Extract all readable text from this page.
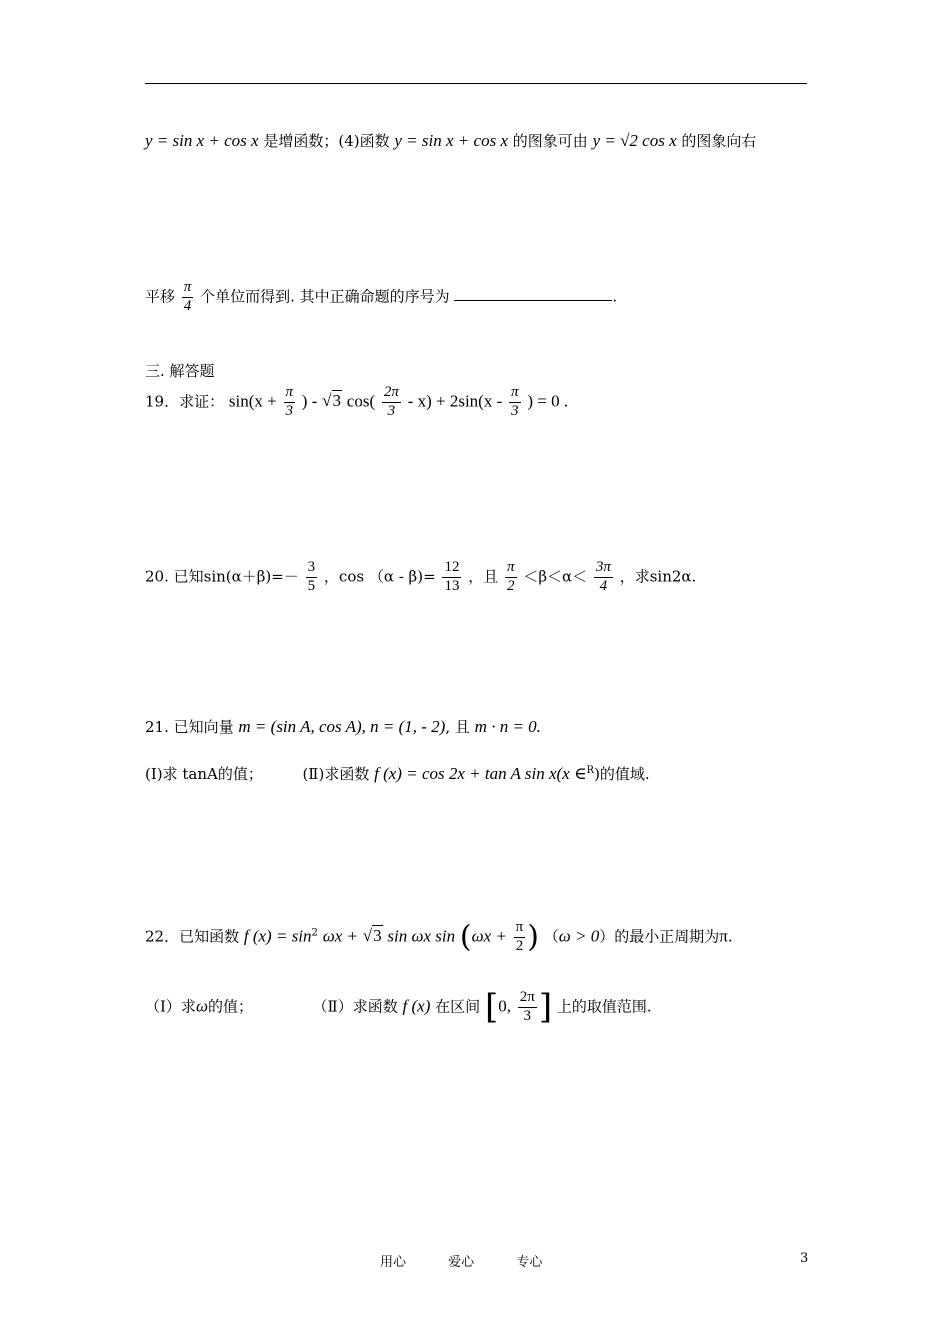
y = sin x + cos x 是增函数；(4)函数 y = sin x + cos x 的图象可由 y = √2 cos x 的图象向右
平移 $\frac{\pi}{4}$ 个单位而得到. 其中正确命题的序号为	.
三. 解答题
19．求证： $\sin(x + \frac{\pi}{3}$ ) - √3 $\cos( \frac{2\pi}{3} - x) + 2\sin(x - \frac{\pi}{3}$ ) = 0 .
20. 已知$\sin(\alpha+\beta)=- \frac{3}{5}$ ，$\cos (\alpha - \beta)= \frac{12}{13}$ ，且 $\frac{\pi}{2} <\beta<\alpha< \frac{3\pi}{4}$ ，求sin2α.
21. 已知向量 m = (sin A, cos A), n = (1, - 2), 且 m · n = 0.
(Ⅰ)求 tanA的值；	(Ⅱ)求函数 f (x) = cos 2x + tan A sin x(x ∈$^R$)的值域.
22．已知函数 f $(x) = \sin^2 \omega x + √3$ sin ωx $\sin (\omega x + \frac{\pi}{2}$ ) （ω > 0）的最小正周期为π.
（Ⅰ）求ω的值；	（Ⅱ）求函数 f (x) 在区间 [0, $\frac{2\pi}{3}$ ] 上的取值范围.
用心	爱心	专心	3
